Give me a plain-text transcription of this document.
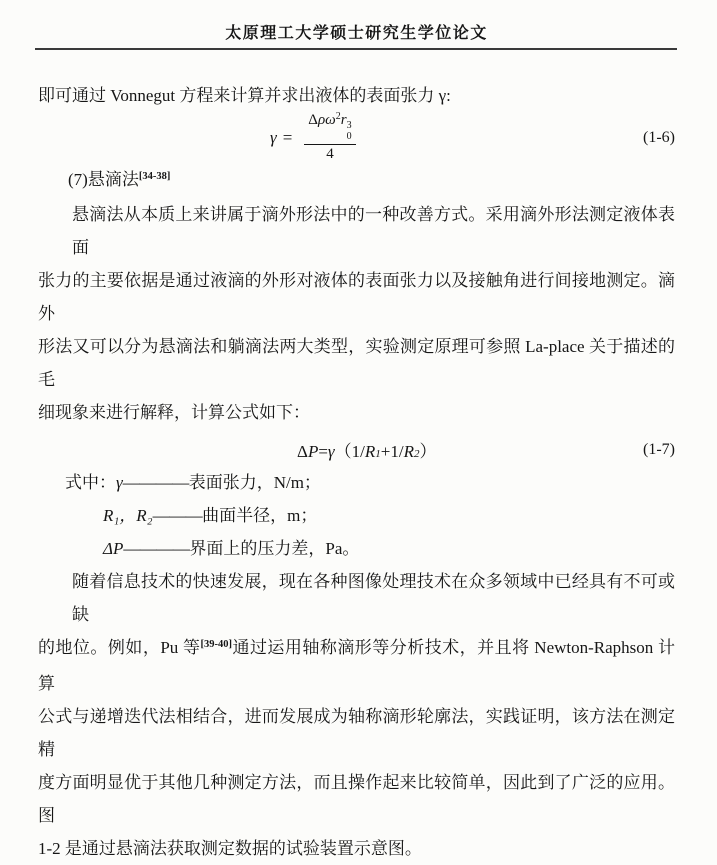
太原理工大学硕士研究生学位论文
即可通过 Vonnegut 方程来计算并求出液体的表面张力 γ:
γ = Δρω$^2$r 3
0
4	(1-6)
(7)悬滴法[34-38]
悬滴法从本质上来讲属于滴外形法中的一种改善方式。采用滴外形法测定液体表面
张力的主要依据是通过液滴的外形对液体的表面张力以及接触角进行间接地测定。滴外
形法又可以分为悬滴法和躺滴法两大类型，实验测定原理可参照 La-place 关于描述的毛
细现象来进行解释，计算公式如下：
Δ P = γ （ 1/ R 1 + 1/ R 2 ）	(1-7)
式中：γ————表面张力，N/m；
R₁，R₂———曲面半径，m；
ΔP————界面上的压力差，Pa。
随着信息技术的快速发展，现在各种图像处理技术在众多领域中已经具有不可或缺
的地位。例如，Pu 等[39-40]通过运用轴称滴形等分析技术，并且将 Newton-Raphson 计算
公式与递增迭代法相结合，进而发展成为轴称滴形轮廓法，实践证明，该方法在测定精
度方面明显优于其他几种测定方法，而且操作起来比较简单，因此到了广泛的应用。图
1-2 是通过悬滴法获取测定数据的试验装置示意图。
